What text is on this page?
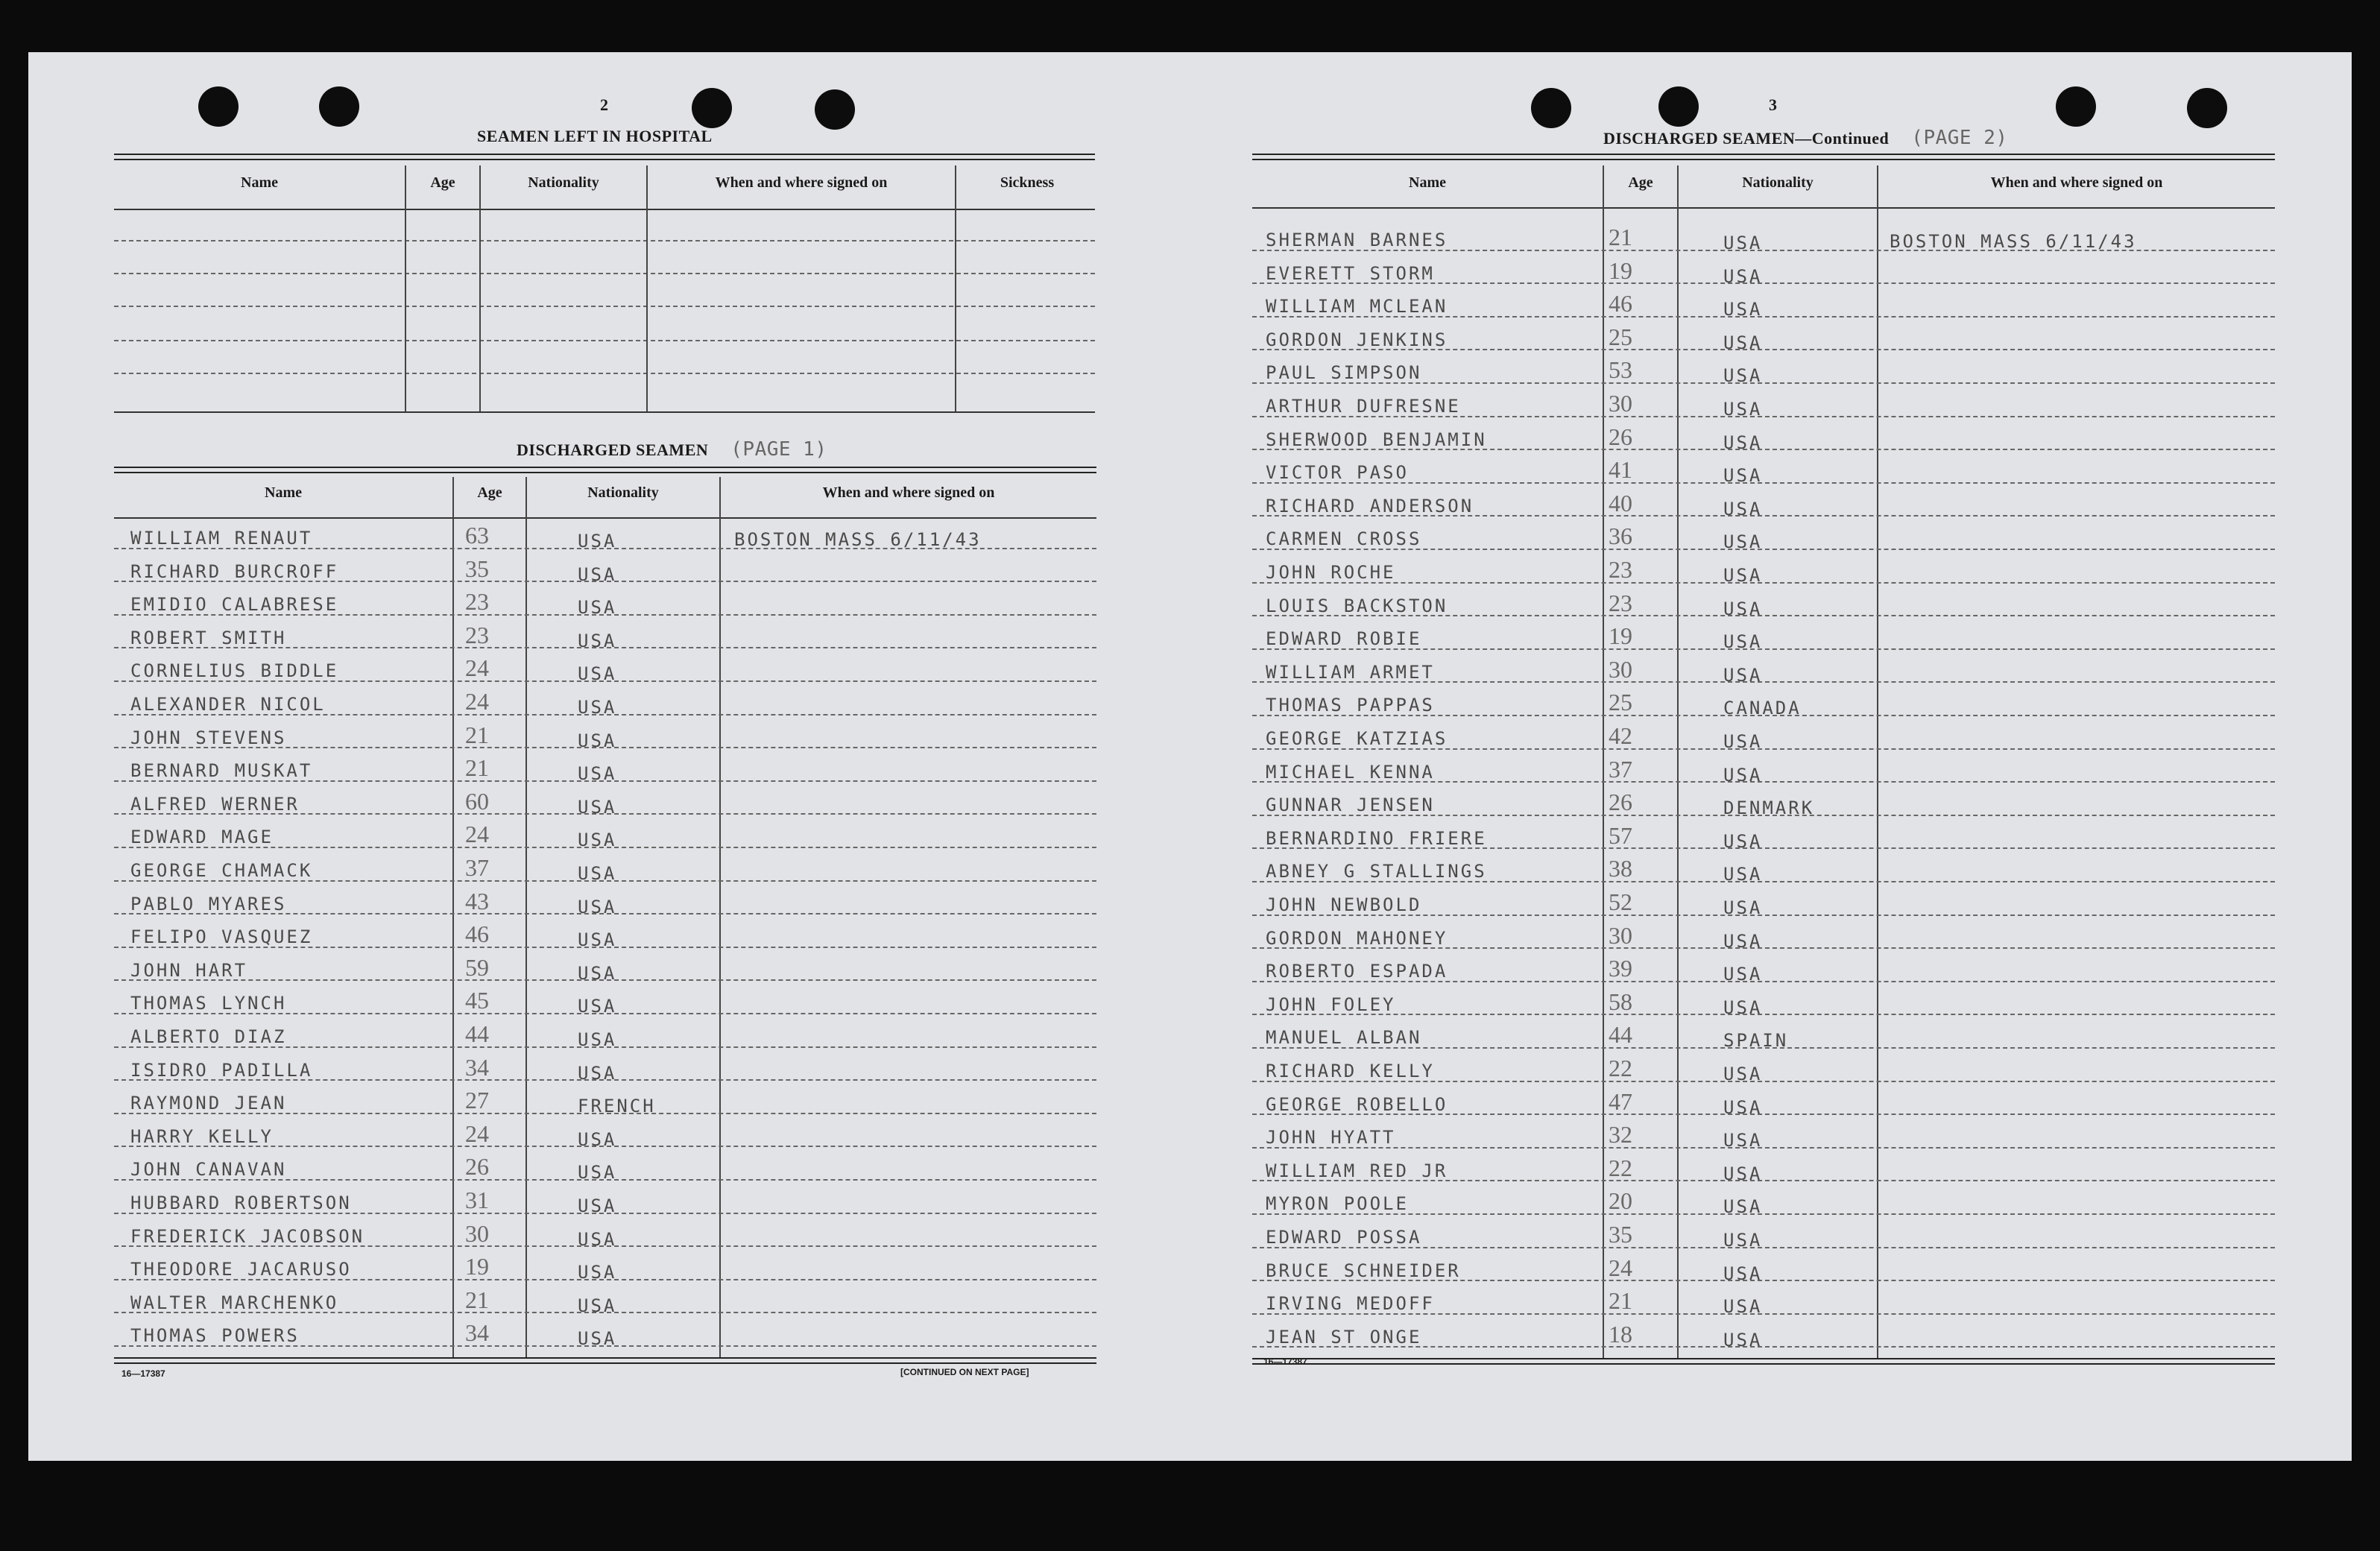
2
SEAMEN LEFT IN HOSPITAL
Name	Age	Nationality	When and where signed on	Sickness
DISCHARGED SEAMEN (PAGE 1)
Name	Age	Nationality	When and where signed on
16—17387	[CONTINUED ON NEXT PAGE]
3
DISCHARGED SEAMEN—Continued (PAGE 2)
Name	Age	Nationality	When and where signed on
16—17387
WILLIAM RENAUT	63	USA	BOSTON MASS 6/11/43
RICHARD BURCROFF	35	USA
EMIDIO CALABRESE	23	USA
ROBERT SMITH	23	USA
CORNELIUS BIDDLE	24	USA
ALEXANDER NICOL	24	USA
JOHN STEVENS	21	USA
BERNARD MUSKAT	21	USA
ALFRED WERNER	60	USA
EDWARD MAGE	24	USA
GEORGE CHAMACK	37	USA
PABLO MYARES	43	USA
FELIPO VASQUEZ	46	USA
JOHN HART	59	USA
THOMAS LYNCH	45	USA
ALBERTO DIAZ	44	USA
ISIDRO PADILLA	34	USA
RAYMOND JEAN	27	FRENCH
HARRY KELLY	24	USA
JOHN CANAVAN	26	USA
HUBBARD ROBERTSON	31	USA
FREDERICK JACOBSON	30	USA
THEODORE JACARUSO	19	USA
WALTER MARCHENKO	21	USA
THOMAS POWERS	34	USA
SHERMAN BARNES	21	USA	BOSTON MASS 6/11/43
EVERETT STORM	19	USA
WILLIAM MCLEAN	46	USA
GORDON JENKINS	25	USA
PAUL SIMPSON	53	USA
ARTHUR DUFRESNE	30	USA
SHERWOOD BENJAMIN	26	USA
VICTOR PASO	41	USA
RICHARD ANDERSON	40	USA
CARMEN CROSS	36	USA
JOHN ROCHE	23	USA
LOUIS BACKSTON	23	USA
EDWARD ROBIE	19	USA
WILLIAM ARMET	30	USA
THOMAS PAPPAS	25	CANADA
GEORGE KATZIAS	42	USA
MICHAEL KENNA	37	USA
GUNNAR JENSEN	26	DENMARK
BERNARDINO FRIERE	57	USA
ABNEY G STALLINGS	38	USA
JOHN NEWBOLD	52	USA
GORDON MAHONEY	30	USA
ROBERTO ESPADA	39	USA
JOHN FOLEY	58	USA
MANUEL ALBAN	44	SPAIN
RICHARD KELLY	22	USA
GEORGE ROBELLO	47	USA
JOHN HYATT	32	USA
WILLIAM RED JR	22	USA
MYRON POOLE	20	USA
EDWARD POSSA	35	USA
BRUCE SCHNEIDER	24	USA
IRVING MEDOFF	21	USA
JEAN ST ONGE	18	USA
